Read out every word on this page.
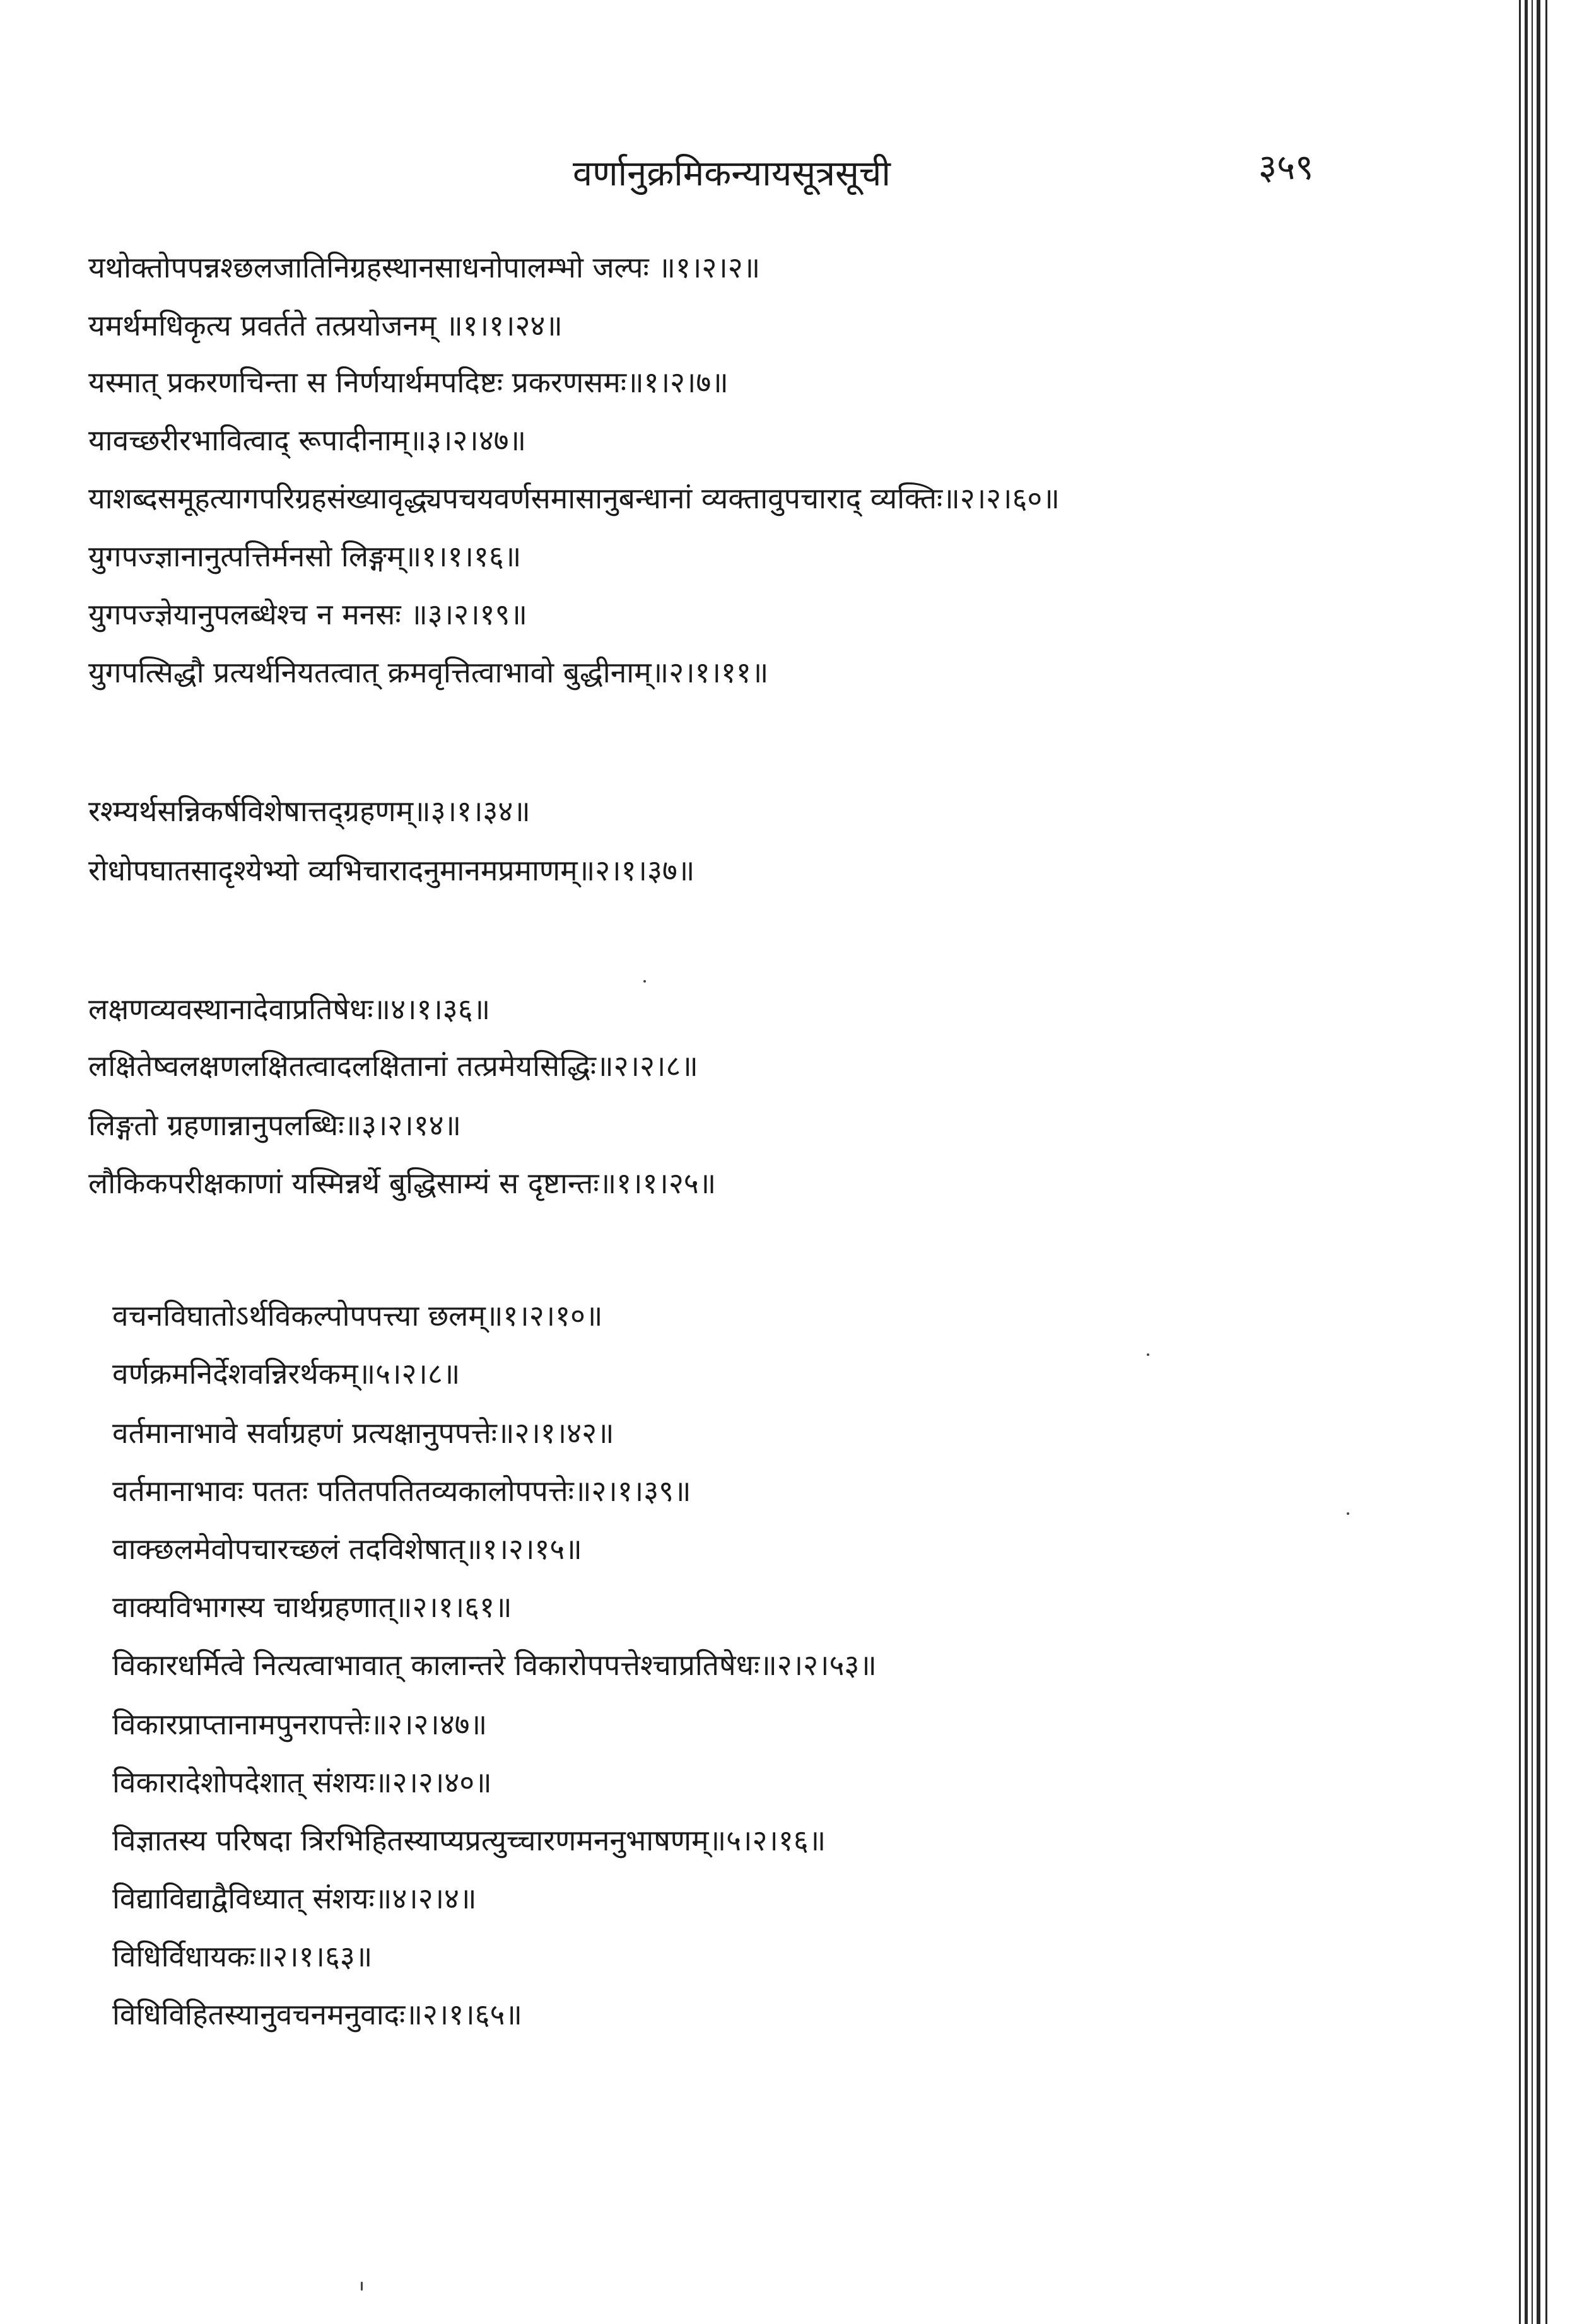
वर्णानुक्रमिकन्यायसूत्रसूची	३५९
यथोक्तोपपन्नश्छलजातिनिग्रहस्थानसाधनोपालम्भो जल्पः ॥१।२।२॥
यमर्थमधिकृत्य प्रवर्तते तत्प्रयोजनम् ॥१।१।२४॥
यस्मात् प्रकरणचिन्ता स निर्णयार्थमपदिष्टः प्रकरणसमः॥१।२।७॥
यावच्छरीरभावित्वाद् रूपादीनाम्॥३।२।४७॥
याशब्दसमूहत्यागपरिग्रहसंख्यावृद्ध्यपचयवर्णसमासानुबन्धानां व्यक्तावुपचाराद् व्यक्तिः॥२।२।६०॥
युगपज्ज्ञानानुत्पत्तिर्मनसो लिङ्गम्॥१।१।१६॥
युगपज्ज्ञेयानुपलब्धेश्च न मनसः ॥३।२।१९॥
युगपत्सिद्धौ प्रत्यर्थनियतत्वात् क्रमवृत्तित्वाभावो बुद्धीनाम्॥२।१।११॥
रश्म्यर्थसन्निकर्षविशेषात्तद्ग्रहणम्॥३।१।३४॥
रोधोपघातसादृश्येभ्यो व्यभिचारादनुमानमप्रमाणम्॥२।१।३७॥
लक्षणव्यवस्थानादेवाप्रतिषेधः॥४।१।३६॥
लक्षितेष्वलक्षणलक्षितत्वादलक्षितानां तत्प्रमेयसिद्धिः॥२।२।८॥
लिङ्गतो ग्रहणान्नानुपलब्धिः॥३।२।१४॥
लौकिकपरीक्षकाणां यस्मिन्नर्थे बुद्धिसाम्यं स दृष्टान्तः॥१।१।२५॥
वचनविघातोऽर्थविकल्पोपपत्त्या छलम्॥१।२।१०॥
वर्णक्रमनिर्देशवन्निरर्थकम्॥५।२।८॥
वर्तमानाभावे सर्वाग्रहणं प्रत्यक्षानुपपत्तेः॥२।१।४२॥
वर्तमानाभावः पततः पतितपतितव्यकालोपपत्तेः॥२।१।३९॥
वाक्छलमेवोपचारच्छलं तदविशेषात्॥१।२।१५॥
वाक्यविभागस्य चार्थग्रहणात्॥२।१।६१॥
विकारधर्मित्वे नित्यत्वाभावात् कालान्तरे विकारोपपत्तेश्चाप्रतिषेधः॥२।२।५३॥
विकारप्राप्तानामपुनरापत्तेः॥२।२।४७॥
विकारादेशोपदेशात् संशयः॥२।२।४०॥
विज्ञातस्य परिषदा त्रिरभिहितस्याप्यप्रत्युच्चारणमननुभाषणम्॥५।२।१६॥
विद्याविद्याद्वैविध्यात् संशयः॥४।२।४॥
विधिर्विधायकः॥२।१।६३॥
विधिविहितस्यानुवचनमनुवादः॥२।१।६५॥
